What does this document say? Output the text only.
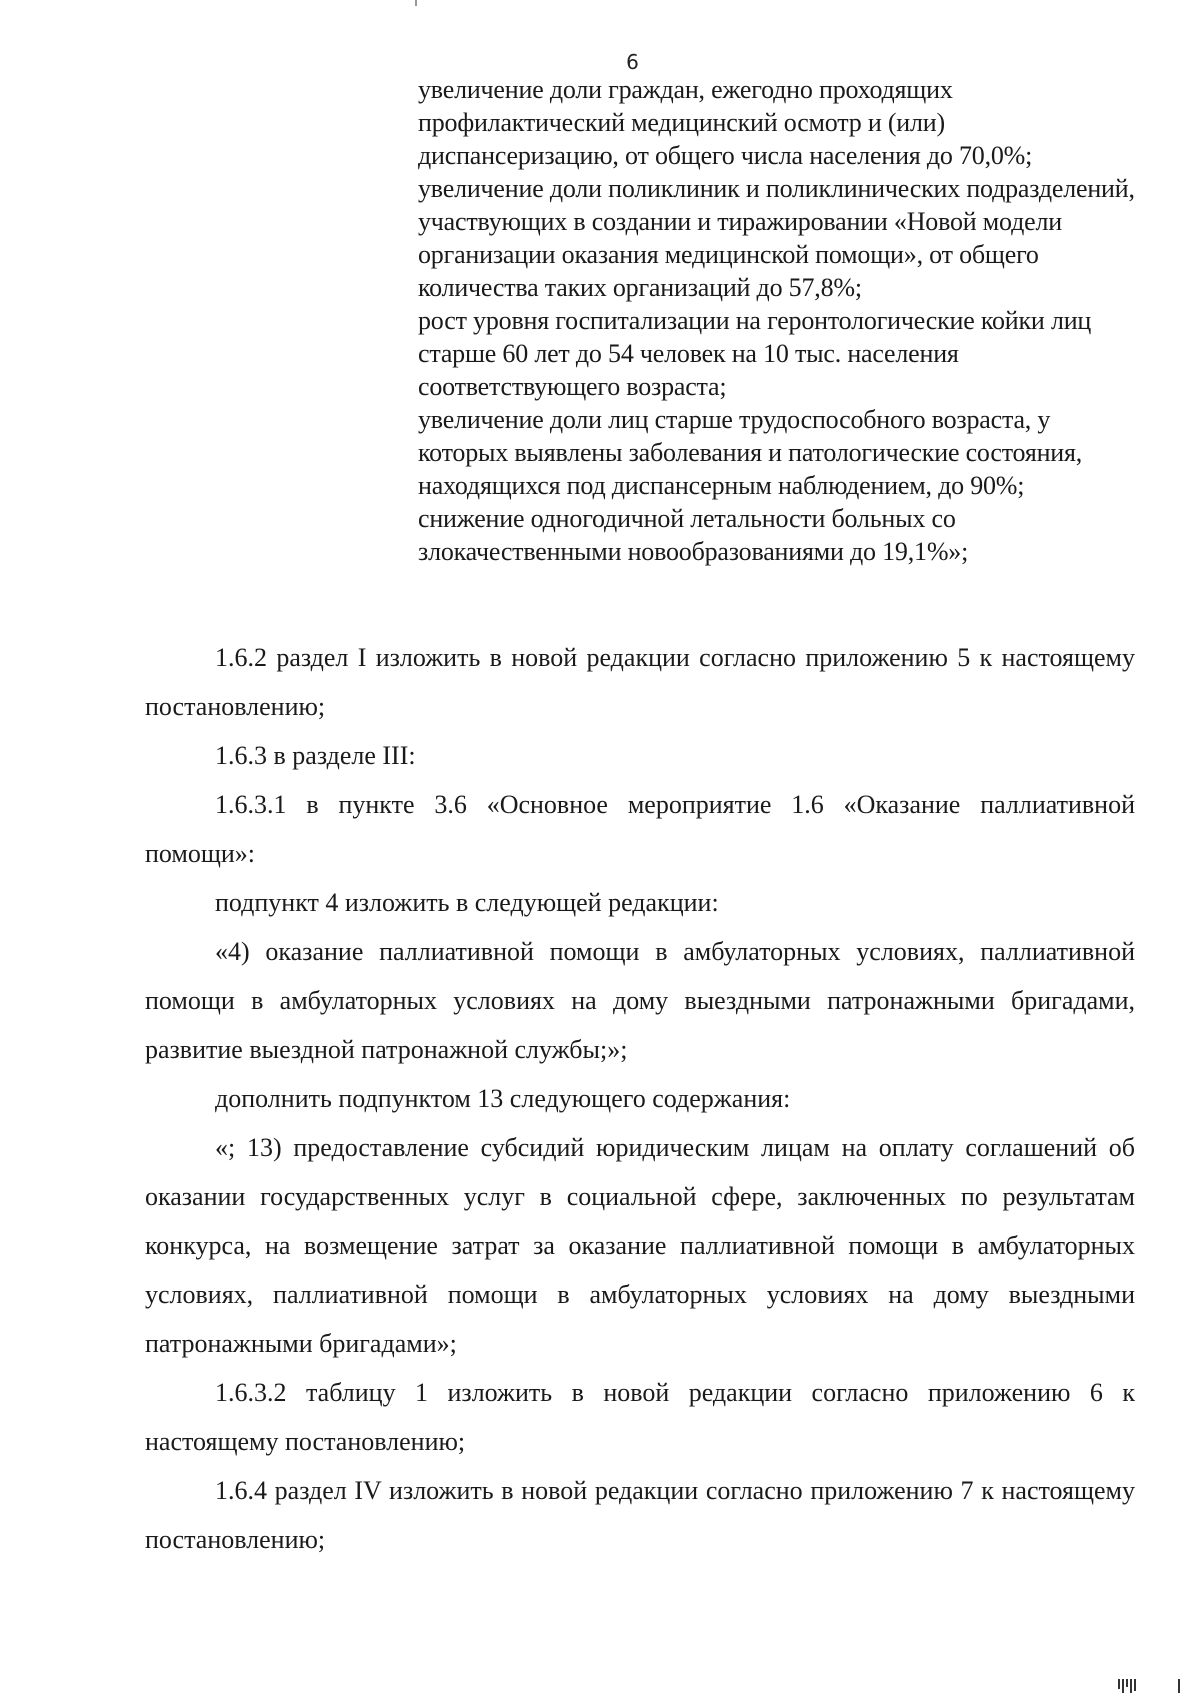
6

увеличение доли граждан, ежегодно проходящих профилактический медицинский осмотр и (или) диспансеризацию, от общего числа населения до 70,0%;

увеличение доли поликлиник и поликлинических подразделений, участвующих в создании и тиражировании «Новой модели организации оказания медицинской помощи», от общего количества таких организаций до 57,8%;

рост уровня госпитализации на геронтологические койки лиц старше 60 лет до 54 человек на 10 тыс. населения соответствующего возраста;

увеличение доли лиц старше трудоспособного возраста, у которых выявлены заболевания и патологические состояния, находящихся под диспансерным наблюдением, до 90%;

снижение одногодичной летальности больных со злокачественными новообразованиями до 19,1%»;

1.6.2 раздел I изложить в новой редакции согласно приложению 5 к настоящему постановлению;

1.6.3 в разделе III:

1.6.3.1 в пункте 3.6 «Основное мероприятие 1.6 «Оказание паллиативной помощи»:

подпункт 4 изложить в следующей редакции:

«4) оказание паллиативной помощи в амбулаторных условиях, паллиативной помощи в амбулаторных условиях на дому выездными патронажными бригадами, развитие выездной патронажной службы;»;

дополнить подпунктом 13 следующего содержания:

«; 13) предоставление субсидий юридическим лицам на оплату соглашений об оказании государственных услуг в социальной сфере, заключенных по результатам конкурса, на возмещение затрат за оказание паллиативной помощи в амбулаторных условиях, паллиативной помощи в амбулаторных условиях на дому выездными патронажными бригадами»;

1.6.3.2 таблицу 1 изложить в новой редакции согласно приложению 6 к настоящему постановлению;

1.6.4 раздел IV изложить в новой редакции согласно приложению 7 к настоящему постановлению;
